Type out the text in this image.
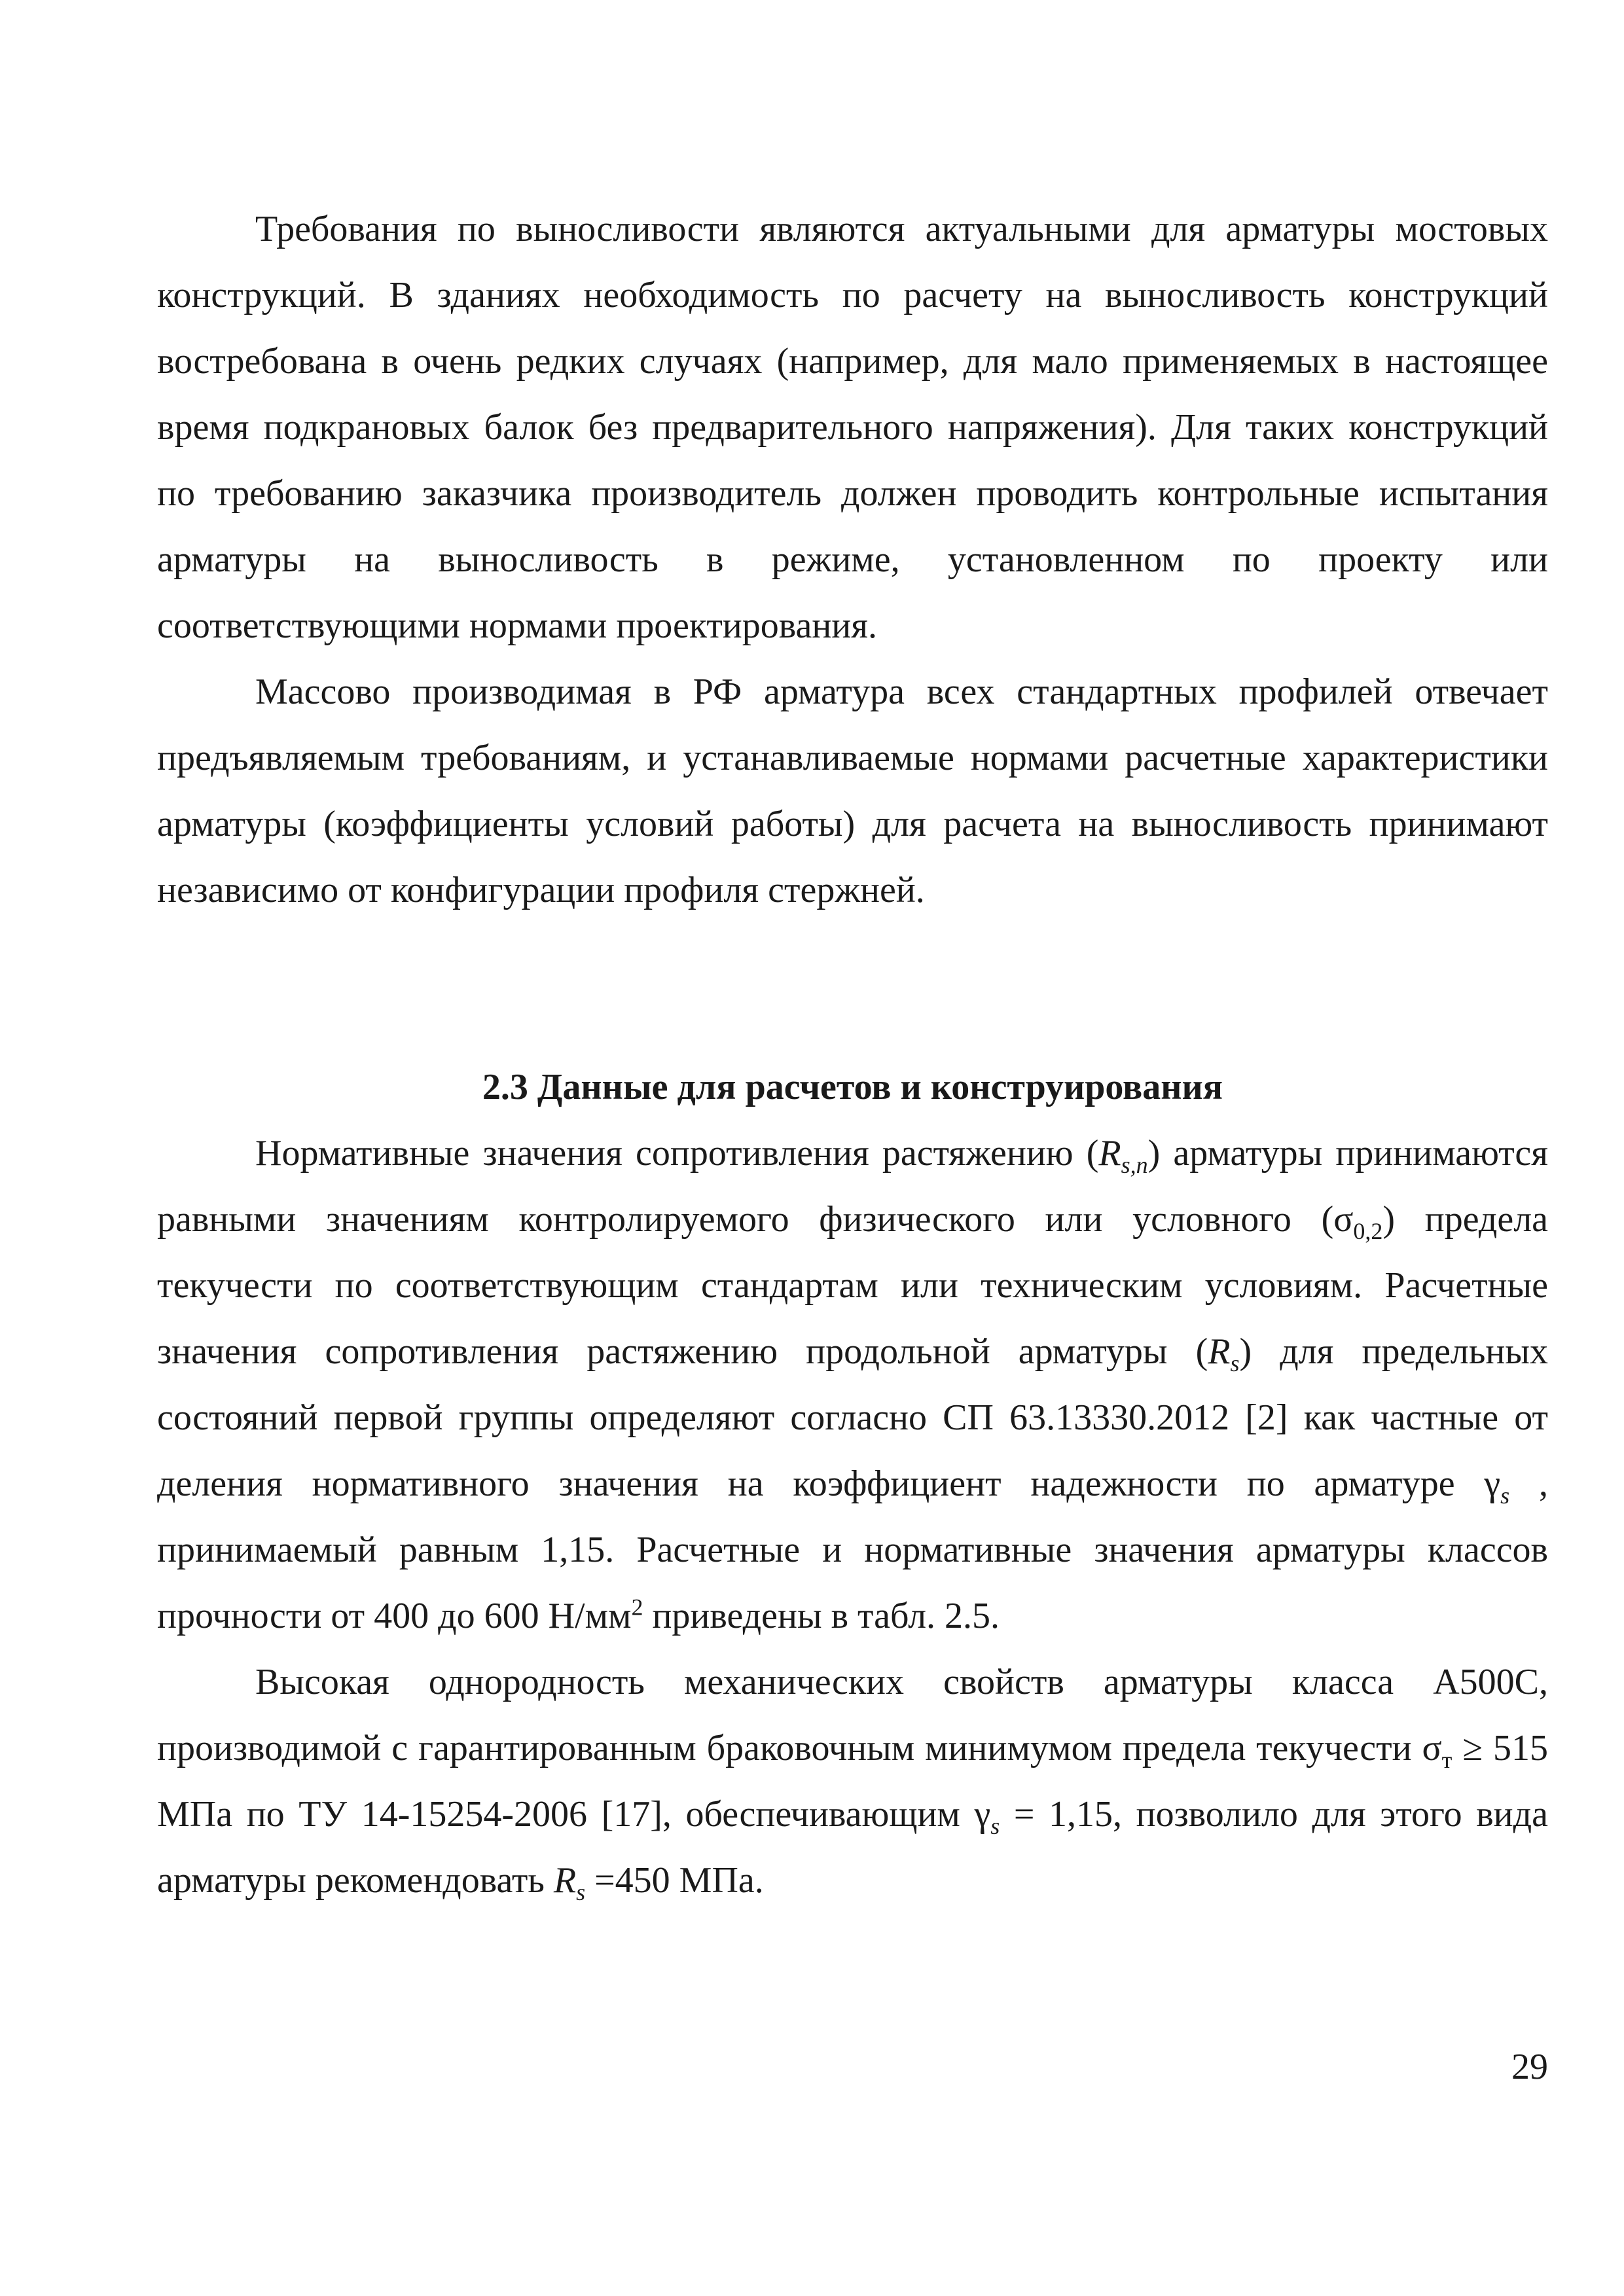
Требования по выносливости являются актуальными для арматуры мостовых конструкций. В зданиях необходимость по расчету на выносливость конструкций востребована в очень редких случаях (например, для мало применяемых в настоящее время подкрановых балок без предварительного напряжения). Для таких конструкций по требованию заказчика производитель должен проводить контрольные испытания арматуры на выносливость в режиме, установленном по проекту или соответствующими нормами проектирования.

Массово производимая в РФ арматура всех стандартных профилей отвечает предъявляемым требованиям, и устанавливаемые нормами расчетные характеристики арматуры (коэффициенты условий работы) для расчета на выносливость принимают независимо от конфигурации профиля стержней.

2.3 Данные для расчетов и конструирования

Нормативные значения сопротивления растяжению $(R_{s,n})$ арматуры принимаются равными значениям контролируемого физического или условного $(\sigma_{0,2})$ предела текучести по соответствующим стандартам или техническим условиям. Расчетные значения сопротивления растяжению продольной арматуры $(R_s)$ для предельных состояний первой группы определяют согласно СП 63.13330.2012 [2] как частные от деления нормативного значения на коэффициент надежности по арматуре $\gamma_s$ , принимаемый равным 1,15. Расчетные и нормативные значения арматуры классов прочности от 400 до 600 $Н/мм^2$ приведены в табл. 2.5.

Высокая однородность механических свойств арматуры класса А500С, производимой с гарантированным браковочным минимумом предела текучести $\sigma_т \ge 515$ МПа по ТУ 14-15254-2006 [17], обеспечивающим $\gamma_s = 1,15$, позволило для этого вида арматуры рекомендовать $R_s =450$ МПа.

29
